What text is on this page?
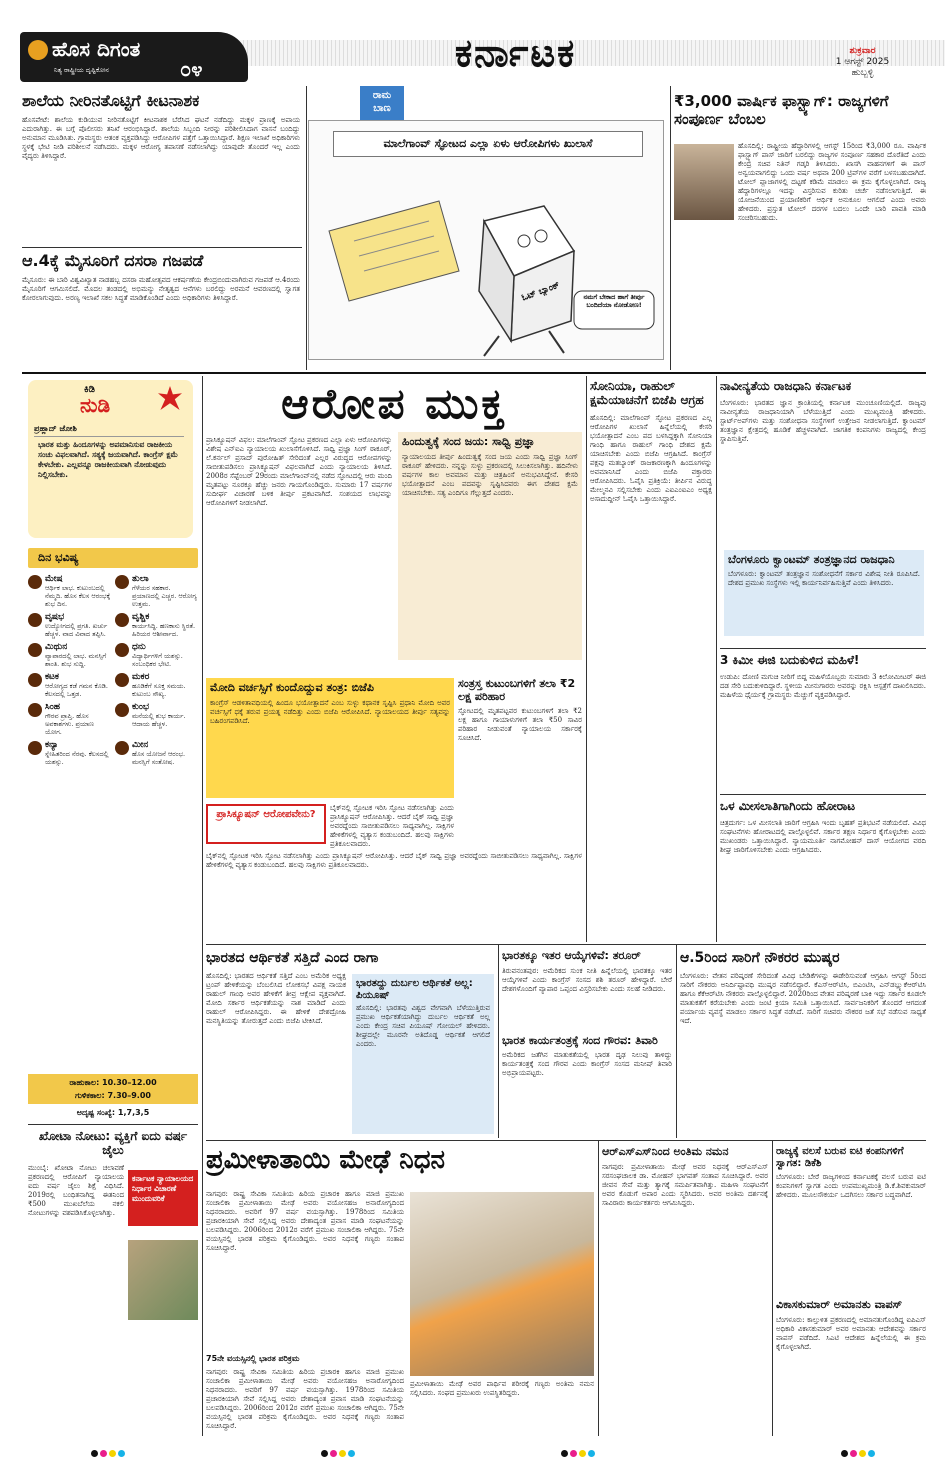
ಹೊಸ ದಿಗಂತ
ನಿತ್ಯ ರಾಷ್ಟ್ರೀಯ ದೃಷ್ಟಿಕೋನ	೦೪	ಕರ್ನಾಟಕ	ಶುಕ್ರವಾರ
1 ಆಗಸ್ಟ್ 2025
ಹುಬ್ಬಳ್ಳಿ
ಶಾಲೆಯ ನೀರಿನತೊಟ್ಟಿಗೆ ಕೀಟನಾಶಕ
ಹೊಸಪೇಟೆ: ಶಾಲೆಯ ಕುಡಿಯುವ ನೀರಿನತೊಟ್ಟಿಗೆ ಕೀಟನಾಶಕ ಬೆರೆಸಿದ ಘಟನೆ ನಡೆದಿದ್ದು ಮಕ್ಕಳ ಪ್ರಾಣಕ್ಕೆ ಅಪಾಯ ಎದುರಾಗಿತ್ತು. ಈ ಬಗ್ಗೆ ಪೊಲೀಸರು ತನಿಖೆ ಆರಂಭಿಸಿದ್ದಾರೆ. ಶಾಲೆಯ ಸಿಬ್ಬಂದಿ ನೀರನ್ನು ಪರಿಶೀಲಿಸಿದಾಗ ವಾಸನೆ ಬಂದಿದ್ದು ಅನುಮಾನ ಮೂಡಿಸಿತು. ಗ್ರಾಮಸ್ಥರು ಆತಂಕ ವ್ಯಕ್ತಪಡಿಸಿದ್ದು ಆರೋಪಿಗಳ ಪತ್ತೆಗೆ ಒತ್ತಾಯಿಸಿದ್ದಾರೆ. ಶಿಕ್ಷಣ ಇಲಾಖೆ ಅಧಿಕಾರಿಗಳು ಸ್ಥಳಕ್ಕೆ ಭೇಟಿ ನೀಡಿ ಪರಿಶೀಲನೆ ನಡೆಸಿದರು. ಮಕ್ಕಳ ಆರೋಗ್ಯ ತಪಾಸಣೆ ನಡೆಸಲಾಗಿದ್ದು ಯಾವುದೇ ತೊಂದರೆ ಇಲ್ಲ ಎಂದು ವೈದ್ಯರು ತಿಳಿಸಿದ್ದಾರೆ.
ಆ.4ಕ್ಕೆ ಮೈಸೂರಿಗೆ ದಸರಾ ಗಜಪಡೆ
ಮೈಸೂರು: ಈ ಬಾರಿ ವಿಶ್ವವಿಖ್ಯಾತ ನಾಡಹಬ್ಬ ದಸರಾ ಮಹೋತ್ಸವದ ಆಕರ್ಷಣೆಯ ಕೇಂದ್ರಬಿಂದುವಾಗಿರುವ ಗಜಪಡೆ ಆ.4ರಂದು ಮೈಸೂರಿಗೆ ಆಗಮಿಸಲಿದೆ. ಮೊದಲ ತಂಡದಲ್ಲಿ ಅಭಿಮನ್ಯು ನೇತೃತ್ವದ ಆನೆಗಳು ಬರಲಿದ್ದು ಅರಮನೆ ಆವರಣದಲ್ಲಿ ಸ್ವಾಗತ ಕೋರಲಾಗುವುದು. ಅರಣ್ಯ ಇಲಾಖೆ ಸಕಲ ಸಿದ್ಧತೆ ಮಾಡಿಕೊಂಡಿದೆ ಎಂದು ಅಧಿಕಾರಿಗಳು ತಿಳಿಸಿದ್ದಾರೆ.
ರಾಮ
ಬಾಣ
ಮಾಲೆಗಾಂವ್ ಸ್ಫೋಟದ ಎಲ್ಲಾ ಏಳು ಆರೋಪಿಗಳು ಖುಲಾಸೆ
ಓಟ್ ಬ್ಯಾಂಕ್	ನಮಗೆ ಬೇಕಾದ ಹಾಗೆ ತೀರ್ಪು ಬಂದಿದೆಯಾ ನೋಡೋಣ!
₹3,000 ವಾರ್ಷಿಕ ಫಾಸ್ಟ್ಯಾಗ್: ರಾಜ್ಯಗಳಿಗೆ ಸಂಪೂರ್ಣ ಬೆಂಬಲ
ಹೊಸದಿಲ್ಲಿ: ರಾಷ್ಟ್ರೀಯ ಹೆದ್ದಾರಿಗಳಲ್ಲಿ ಆಗಸ್ಟ್ 15ರಿಂದ ₹3,000 ರೂ. ವಾರ್ಷಿಕ ಫಾಸ್ಟ್ಯಾಗ್ ಪಾಸ್ ಜಾರಿಗೆ ಬರಲಿದ್ದು ರಾಜ್ಯಗಳ ಸಂಪೂರ್ಣ ಸಹಕಾರ ದೊರೆತಿದೆ ಎಂದು ಕೇಂದ್ರ ಸಚಿವ ನಿತಿನ್ ಗಡ್ಕರಿ ತಿಳಿಸಿದರು. ಖಾಸಗಿ ವಾಹನಗಳಿಗೆ ಈ ಪಾಸ್ ಅನ್ವಯವಾಗಲಿದ್ದು ಒಂದು ವರ್ಷ ಅಥವಾ 200 ಟ್ರಿಪ್‌ಗಳ ವರೆಗೆ ಬಳಸಬಹುದಾಗಿದೆ. ಟೋಲ್ ಪ್ಲಾಜಾಗಳಲ್ಲಿ ದಟ್ಟಣೆ ಕಡಿಮೆ ಮಾಡಲು ಈ ಕ್ರಮ ಕೈಗೊಳ್ಳಲಾಗಿದೆ. ರಾಜ್ಯ ಹೆದ್ದಾರಿಗಳಲ್ಲೂ ಇದನ್ನು ವಿಸ್ತರಿಸುವ ಕುರಿತು ಚರ್ಚೆ ನಡೆಸಲಾಗುತ್ತಿದೆ. ಈ ಯೋಜನೆಯಿಂದ ಪ್ರಯಾಣಿಕರಿಗೆ ಆರ್ಥಿಕ ಅನುಕೂಲ ಆಗಲಿದೆ ಎಂದು ಅವರು ಹೇಳಿದರು. ಪ್ರಸ್ತುತ ಟೋಲ್ ದರಗಳ ಬದಲು ಒಂದೇ ಬಾರಿ ಪಾವತಿ ಮಾಡಿ ಸಂಚರಿಸಬಹುದು.
ಕಿಡಿ
ನುಡಿ
ಪ್ರಹ್ಲಾದ್ ಜೋಶಿ
ಭಾರತ ಮತ್ತು ಹಿಂದೂಗಳನ್ನು ಅಪಮಾನಿಸುವ ರಾಜಕೀಯ ಸಂಚು ವಿಫಲವಾಗಿದೆ. ಸತ್ಯಕ್ಕೆ ಜಯವಾಗಿದೆ. ಕಾಂಗ್ರೆಸ್ ಕ್ಷಮೆ ಕೇಳಬೇಕು. ಎಲ್ಲವನ್ನೂ ರಾಜಕೀಯವಾಗಿ ನೋಡುವುದು ನಿಲ್ಲಿಸಬೇಕು.
ದಿನ ಭವಿಷ್ಯ
ಮೇಷ
ಆರ್ಥಿಕ ಲಾಭ. ಕುಟುಂಬದಲ್ಲಿ ನೆಮ್ಮದಿ. ಹೊಸ ಕೆಲಸ ಆರಂಭಕ್ಕೆ ಶುಭ ದಿನ.
ತುಲಾ
ಗೆಳೆಯರ ಸಹಕಾರ. ಪ್ರಯಾಣದಲ್ಲಿ ಎಚ್ಚರ. ಆರೋಗ್ಯ ಉತ್ತಮ.
ವೃಷಭ
ಉದ್ಯೋಗದಲ್ಲಿ ಪ್ರಗತಿ. ಖರ್ಚು ಹೆಚ್ಚಳ. ವಾದ ವಿವಾದ ತಪ್ಪಿಸಿ.
ವೃಶ್ಚಿಕ
ಕಾರ್ಯಸಿದ್ಧಿ. ಹಣಕಾಸು ಸ್ಥಿರತೆ. ಹಿರಿಯರ ಆಶೀರ್ವಾದ.
ಮಿಥುನ
ವ್ಯಾಪಾರದಲ್ಲಿ ಲಾಭ. ಮನಸ್ಸಿಗೆ ಶಾಂತಿ. ಶುಭ ಸುದ್ದಿ.
ಧನು
ವಿದ್ಯಾರ್ಥಿಗಳಿಗೆ ಯಶಸ್ಸು. ಸಂಬಂಧಿಕರ ಭೇಟಿ.
ಕಟಕ
ಆರೋಗ್ಯದ ಕಡೆ ಗಮನ ಕೊಡಿ. ಕೆಲಸದಲ್ಲಿ ಒತ್ತಡ.
ಮಕರ
ಹೂಡಿಕೆಗೆ ಸೂಕ್ತ ಸಮಯ. ಕುಟುಂಬ ಸೌಖ್ಯ.
ಸಿಂಹ
ಗೌರವ ಪ್ರಾಪ್ತಿ. ಹೊಸ ಅವಕಾಶಗಳು. ಪ್ರಯಾಣ ಯೋಗ.
ಕುಂಭ
ಮನೆಯಲ್ಲಿ ಶುಭ ಕಾರ್ಯ. ಆದಾಯ ಹೆಚ್ಚಳ.
ಕನ್ಯಾ
ಸ್ನೇಹಿತರಿಂದ ನೆರವು. ಕೆಲಸದಲ್ಲಿ ಯಶಸ್ಸು.
ಮೀನ
ಹೊಸ ಯೋಜನೆ ಆರಂಭ. ಮನಸ್ಸಿಗೆ ಸಂತೋಷ.
ರಾಹುಕಾಲ: 10.30–12.00
ಗುಳಿಕಕಾಲ: 7.30–9.00
ಅದೃಷ್ಟ ಸಂಖ್ಯೆ: 1,7,3,5
ಖೋಟಾ ನೋಟು: ವ್ಯಕ್ತಿಗೆ ಐದು ವರ್ಷ ಜೈಲು
ಮುಂಬೈ: ಖೋಟಾ ನೋಟು ಚಲಾವಣೆ ಪ್ರಕರಣದಲ್ಲಿ ಆರೋಪಿಗೆ ನ್ಯಾಯಾಲಯ ಐದು ವರ್ಷ ಜೈಲು ಶಿಕ್ಷೆ ವಿಧಿಸಿದೆ. 2019ರಲ್ಲಿ ಬಂಧಿತನಾಗಿದ್ದ ಈತನಿಂದ ₹500 ಮುಖಬೆಲೆಯ ನಕಲಿ ನೋಟುಗಳನ್ನು ವಶಪಡಿಸಿಕೊಳ್ಳಲಾಗಿತ್ತು.
ಕರ್ನಾಟಕ ನ್ಯಾಯಾಲಯದ ನಿರ್ಧಾರ ವಿಚಾರಣೆ ಮುಂದುವರಿಕೆ
ಆರೋಪ ಮುಕ್ತ
ಪ್ರಾಸಿಕ್ಯೂಷನ್ ವಿಫಲ: ಮಾಲೆಗಾಂವ್ ಸ್ಫೋಟ ಪ್ರಕರಣದ ಎಲ್ಲಾ ಏಳು ಆರೋಪಿಗಳನ್ನು ವಿಶೇಷ ಎನ್‌ಐಎ ನ್ಯಾಯಾಲಯ ಖುಲಾಸೆಗೊಳಿಸಿದೆ. ಸಾಧ್ವಿ ಪ್ರಜ್ಞಾ ಸಿಂಗ್ ಠಾಕೂರ್, ಲೆ.ಕರ್ನಲ್ ಪ್ರಸಾದ್ ಪುರೋಹಿತ್ ಸೇರಿದಂತೆ ಎಲ್ಲರ ವಿರುದ್ಧದ ಆರೋಪಗಳನ್ನು ಸಾಬೀತುಪಡಿಸಲು ಪ್ರಾಸಿಕ್ಯೂಷನ್ ವಿಫಲವಾಗಿದೆ ಎಂದು ನ್ಯಾಯಾಲಯ ತಿಳಿಸಿದೆ. 2008ರ ಸೆಪ್ಟೆಂಬರ್ 29ರಂದು ಮಾಲೆಗಾಂವ್‌ನಲ್ಲಿ ನಡೆದ ಸ್ಫೋಟದಲ್ಲಿ ಆರು ಮಂದಿ ಮೃತಪಟ್ಟು ನೂರಕ್ಕೂ ಹೆಚ್ಚು ಜನರು ಗಾಯಗೊಂಡಿದ್ದರು. ಸುಮಾರು 17 ವರ್ಷಗಳ ಸುದೀರ್ಘ ವಿಚಾರಣೆ ಬಳಿಕ ತೀರ್ಪು ಪ್ರಕಟವಾಗಿದೆ. ಸಂಶಯದ ಲಾಭವನ್ನು ಆರೋಪಿಗಳಿಗೆ ನೀಡಲಾಗಿದೆ.
ಹಿಂದುತ್ವಕ್ಕೆ ಸಂದ ಜಯ: ಸಾಧ್ವಿ ಪ್ರಜ್ಞಾ
ನ್ಯಾಯಾಲಯದ ತೀರ್ಪು ಹಿಂದುತ್ವಕ್ಕೆ ಸಂದ ಜಯ ಎಂದು ಸಾಧ್ವಿ ಪ್ರಜ್ಞಾ ಸಿಂಗ್ ಠಾಕೂರ್ ಹೇಳಿದರು. ನನ್ನನ್ನು ಸುಳ್ಳು ಪ್ರಕರಣದಲ್ಲಿ ಸಿಲುಕಿಸಲಾಗಿತ್ತು. ಹದಿನೇಳು ವರ್ಷಗಳ ಕಾಲ ಅವಮಾನ ಮತ್ತು ಚಿತ್ರಹಿಂಸೆ ಅನುಭವಿಸಿದ್ದೇನೆ. ಕೇಸರಿ ಭಯೋತ್ಪಾದನೆ ಎಂಬ ಪದವನ್ನು ಸೃಷ್ಟಿಸಿದವರು ಈಗ ದೇಶದ ಕ್ಷಮೆ ಯಾಚಿಸಬೇಕು. ಸತ್ಯ ಎಂದಿಗೂ ಗೆಲ್ಲುತ್ತದೆ ಎಂದರು.
ಮೋದಿ ವರ್ಚಸ್ಸಿಗೆ ಕುಂದೊದ್ದುವ ತಂತ್ರ: ಬಿಜೆಪಿ
ಕಾಂಗ್ರೆಸ್ ಆಡಳಿತಾವಧಿಯಲ್ಲಿ ಹಿಂದೂ ಭಯೋತ್ಪಾದನೆ ಎಂಬ ಸುಳ್ಳು ಕಥಾನಕ ಸೃಷ್ಟಿಸಿ ಪ್ರಧಾನಿ ಮೋದಿ ಅವರ ವರ್ಚಸ್ಸಿಗೆ ಧಕ್ಕೆ ತರುವ ಪ್ರಯತ್ನ ನಡೆದಿತ್ತು ಎಂದು ಬಿಜೆಪಿ ಆರೋಪಿಸಿದೆ. ನ್ಯಾಯಾಲಯದ ತೀರ್ಪು ಸತ್ಯವನ್ನು ಬಹಿರಂಗಪಡಿಸಿದೆ.
ಸಂತ್ರಸ್ತ ಕುಟುಂಬಗಳಿಗೆ ತಲಾ ₹2 ಲಕ್ಷ ಪರಿಹಾರ
ಸ್ಫೋಟದಲ್ಲಿ ಮೃತಪಟ್ಟವರ ಕುಟುಂಬಗಳಿಗೆ ತಲಾ ₹2 ಲಕ್ಷ ಹಾಗೂ ಗಾಯಾಳುಗಳಿಗೆ ತಲಾ ₹50 ಸಾವಿರ ಪರಿಹಾರ ನೀಡುವಂತೆ ನ್ಯಾಯಾಲಯ ಸರ್ಕಾರಕ್ಕೆ ಸೂಚಿಸಿದೆ.
ಪ್ರಾಸಿಕ್ಯೂಷನ್ ಆರೋಪವೇನು?
ಬೈಕ್‌ನಲ್ಲಿ ಸ್ಫೋಟಕ ಇರಿಸಿ ಸ್ಫೋಟ ನಡೆಸಲಾಗಿತ್ತು ಎಂದು ಪ್ರಾಸಿಕ್ಯೂಷನ್ ಆರೋಪಿಸಿತ್ತು. ಆದರೆ ಬೈಕ್ ಸಾಧ್ವಿ ಪ್ರಜ್ಞಾ ಅವರದ್ದೆಂದು ಸಾಬೀತುಪಡಿಸಲು ಸಾಧ್ಯವಾಗಿಲ್ಲ. ಸಾಕ್ಷಿಗಳ ಹೇಳಿಕೆಗಳಲ್ಲಿ ವ್ಯತ್ಯಾಸ ಕಂಡುಬಂದಿದೆ. ಹಲವು ಸಾಕ್ಷಿಗಳು ಪ್ರತಿಕೂಲವಾದರು.
ಬೈಕ್‌ನಲ್ಲಿ ಸ್ಫೋಟಕ ಇರಿಸಿ ಸ್ಫೋಟ ನಡೆಸಲಾಗಿತ್ತು ಎಂದು ಪ್ರಾಸಿಕ್ಯೂಷನ್ ಆರೋಪಿಸಿತ್ತು. ಆದರೆ ಬೈಕ್ ಸಾಧ್ವಿ ಪ್ರಜ್ಞಾ ಅವರದ್ದೆಂದು ಸಾಬೀತುಪಡಿಸಲು ಸಾಧ್ಯವಾಗಿಲ್ಲ. ಸಾಕ್ಷಿಗಳ ಹೇಳಿಕೆಗಳಲ್ಲಿ ವ್ಯತ್ಯಾಸ ಕಂಡುಬಂದಿದೆ. ಹಲವು ಸಾಕ್ಷಿಗಳು ಪ್ರತಿಕೂಲವಾದರು.
ಸೋನಿಯಾ, ರಾಹುಲ್ ಕ್ಷಮೆಯಾಚನೆಗೆ ಬಿಜೆಪಿ ಆಗ್ರಹ
ಹೊಸದಿಲ್ಲಿ: ಮಾಲೆಗಾಂವ್ ಸ್ಫೋಟ ಪ್ರಕರಣದ ಎಲ್ಲ ಆರೋಪಿಗಳ ಖುಲಾಸೆ ಹಿನ್ನೆಲೆಯಲ್ಲಿ ಕೇಸರಿ ಭಯೋತ್ಪಾದನೆ ಎಂಬ ಪದ ಬಳಸಿದ್ದಕ್ಕಾಗಿ ಸೋನಿಯಾ ಗಾಂಧಿ ಹಾಗೂ ರಾಹುಲ್ ಗಾಂಧಿ ದೇಶದ ಕ್ಷಮೆ ಯಾಚಿಸಬೇಕು ಎಂದು ಬಿಜೆಪಿ ಆಗ್ರಹಿಸಿದೆ. ಕಾಂಗ್ರೆಸ್ ಪಕ್ಷವು ಮತಬ್ಯಾಂಕ್ ರಾಜಕಾರಣಕ್ಕಾಗಿ ಹಿಂದೂಗಳನ್ನು ಅವಮಾನಿಸಿದೆ ಎಂದು ಬಿಜೆಪಿ ವಕ್ತಾರರು ಆರೋಪಿಸಿದರು. ಓವೈಸಿ ಪ್ರತಿಕ್ರಿಯೆ: ತೀರ್ಪಿನ ವಿರುದ್ಧ ಮೇಲ್ಮನವಿ ಸಲ್ಲಿಸಬೇಕು ಎಂದು ಎಐಎಂಐಎಂ ಅಧ್ಯಕ್ಷ ಅಸಾದುದ್ದೀನ್ ಓವೈಸಿ ಒತ್ತಾಯಿಸಿದ್ದಾರೆ.
ನಾವೀನ್ಯತೆಯ ರಾಜಧಾನಿ ಕರ್ನಾಟಕ
ಬೆಂಗಳೂರು: ಭಾರತದ ಜ್ಞಾನ ಕ್ರಾಂತಿಯಲ್ಲಿ ಕರ್ನಾಟಕ ಮುಂಚೂಣಿಯಲ್ಲಿದೆ. ರಾಜ್ಯವು ನಾವೀನ್ಯತೆಯ ರಾಜಧಾನಿಯಾಗಿ ಬೆಳೆಯುತ್ತಿದೆ ಎಂದು ಮುಖ್ಯಮಂತ್ರಿ ಹೇಳಿದರು. ಸ್ಟಾರ್ಟ್‌ಅಪ್‌ಗಳು ಮತ್ತು ಸಂಶೋಧನಾ ಸಂಸ್ಥೆಗಳಿಗೆ ಉತ್ತೇಜನ ನೀಡಲಾಗುತ್ತಿದೆ. ಕ್ವಾಂಟಮ್ ತಂತ್ರಜ್ಞಾನ ಕ್ಷೇತ್ರದಲ್ಲಿ ಹೂಡಿಕೆ ಹೆಚ್ಚಳವಾಗಿದೆ. ಜಾಗತಿಕ ಕಂಪನಿಗಳು ರಾಜ್ಯದಲ್ಲಿ ಕೇಂದ್ರ ಸ್ಥಾಪಿಸುತ್ತಿವೆ.
ಬೆಂಗಳೂರು ಕ್ವಾಂಟಮ್ ತಂತ್ರಜ್ಞಾನದ ರಾಜಧಾನಿ
ಬೆಂಗಳೂರು: ಕ್ವಾಂಟಮ್ ತಂತ್ರಜ್ಞಾನ ಸಂಶೋಧನೆಗೆ ಸರ್ಕಾರ ವಿಶೇಷ ನೀತಿ ರೂಪಿಸಿದೆ. ದೇಶದ ಪ್ರಮುಖ ಸಂಸ್ಥೆಗಳು ಇಲ್ಲಿ ಕಾರ್ಯನಿರ್ವಹಿಸುತ್ತಿವೆ ಎಂದು ತಿಳಿಸಿದರು.
3 ಕಿಮೀ ಈಜಿ ಬದುಕುಳಿದ ಮಹಿಳೆ!
ಉಡುಪಿ: ದೋಣಿ ಮಗುಚಿ ನೀರಿಗೆ ಬಿದ್ದ ಮಹಿಳೆಯೊಬ್ಬರು ಸುಮಾರು 3 ಕಿಲೋಮೀಟರ್ ಈಜಿ ದಡ ಸೇರಿ ಬದುಕುಳಿದಿದ್ದಾರೆ. ಸ್ಥಳೀಯ ಮೀನುಗಾರರು ಅವರನ್ನು ರಕ್ಷಿಸಿ ಆಸ್ಪತ್ರೆಗೆ ದಾಖಲಿಸಿದರು. ಮಹಿಳೆಯ ಧೈರ್ಯಕ್ಕೆ ಗ್ರಾಮಸ್ಥರು ಮೆಚ್ಚುಗೆ ವ್ಯಕ್ತಪಡಿಸಿದ್ದಾರೆ.
ಒಳ ಮೀಸಲಾತಿಗಾಗಿಂದು ಹೋರಾಟ
ಚಿತ್ರದುರ್ಗ: ಒಳ ಮೀಸಲಾತಿ ಜಾರಿಗೆ ಆಗ್ರಹಿಸಿ ಇಂದು ಬೃಹತ್ ಪ್ರತಿಭಟನೆ ನಡೆಯಲಿದೆ. ವಿವಿಧ ಸಂಘಟನೆಗಳು ಹೋರಾಟದಲ್ಲಿ ಪಾಲ್ಗೊಳ್ಳಲಿವೆ. ಸರ್ಕಾರ ತಕ್ಷಣ ನಿರ್ಧಾರ ಕೈಗೊಳ್ಳಬೇಕು ಎಂದು ಮುಖಂಡರು ಒತ್ತಾಯಿಸಿದ್ದಾರೆ. ನ್ಯಾಯಮೂರ್ತಿ ನಾಗಮೋಹನ್ ದಾಸ್ ಆಯೋಗದ ವರದಿ ಶೀಘ್ರ ಜಾರಿಗೊಳಿಸಬೇಕು ಎಂದು ಆಗ್ರಹಿಸಿದರು.
ಭಾರತದ ಆರ್ಥಿಕತೆ ಸತ್ತಿದೆ ಎಂದ ರಾಗಾ
ಹೊಸದಿಲ್ಲಿ: ಭಾರತದ ಆರ್ಥಿಕತೆ ಸತ್ತಿದೆ ಎಂಬ ಅಮೆರಿಕ ಅಧ್ಯಕ್ಷ ಟ್ರಂಪ್ ಹೇಳಿಕೆಯನ್ನು ಬೆಂಬಲಿಸಿದ ಲೋಕಸಭೆ ವಿಪಕ್ಷ ನಾಯಕ ರಾಹುಲ್ ಗಾಂಧಿ ಅವರ ಹೇಳಿಕೆಗೆ ತೀವ್ರ ಆಕ್ಷೇಪ ವ್ಯಕ್ತವಾಗಿದೆ. ಮೋದಿ ಸರ್ಕಾರ ಆರ್ಥಿಕತೆಯನ್ನು ನಾಶ ಮಾಡಿದೆ ಎಂದು ರಾಹುಲ್ ಆರೋಪಿಸಿದ್ದರು. ಈ ಹೇಳಿಕೆ ದೇಶದ್ರೋಹಿ ಮನಸ್ಥಿತಿಯನ್ನು ತೋರುತ್ತದೆ ಎಂದು ಬಿಜೆಪಿ ಟೀಕಿಸಿದೆ.
ಭಾರತದ್ದು ದುರ್ಬಲ ಆರ್ಥಿಕತೆ ಅಲ್ಲ: ಪಿಯೂಷ್
ಹೊಸದಿಲ್ಲಿ: ಭಾರತವು ವಿಶ್ವದ ವೇಗವಾಗಿ ಬೆಳೆಯುತ್ತಿರುವ ಪ್ರಮುಖ ಆರ್ಥಿಕತೆಯಾಗಿದ್ದು ದುರ್ಬಲ ಆರ್ಥಿಕತೆ ಅಲ್ಲ ಎಂದು ಕೇಂದ್ರ ಸಚಿವ ಪಿಯೂಷ್ ಗೋಯಲ್ ಹೇಳಿದರು. ಶೀಘ್ರದಲ್ಲೇ ಮೂರನೇ ಅತಿದೊಡ್ಡ ಆರ್ಥಿಕತೆ ಆಗಲಿದೆ ಎಂದರು.
ಭಾರತಕ್ಕೂ ಇತರ ಆಯ್ಕೆಗಳಿವೆ: ತರೂರ್
ತಿರುವನಂತಪುರ: ಅಮೆರಿಕದ ಸುಂಕ ನೀತಿ ಹಿನ್ನೆಲೆಯಲ್ಲಿ ಭಾರತಕ್ಕೂ ಇತರ ಆಯ್ಕೆಗಳಿವೆ ಎಂದು ಕಾಂಗ್ರೆಸ್ ಸಂಸದ ಶಶಿ ತರೂರ್ ಹೇಳಿದ್ದಾರೆ. ಬೇರೆ ದೇಶಗಳೊಂದಿಗೆ ವ್ಯಾಪಾರ ಒಪ್ಪಂದ ವಿಸ್ತರಿಸಬೇಕು ಎಂದು ಸಲಹೆ ನೀಡಿದರು.
ಭಾರತ ಕಾರ್ಯತಂತ್ರಕ್ಕೆ ಸಂದ ಗೌರವ: ತಿವಾರಿ
ಅಮೆರಿಕದ ಜತೆಗಿನ ಮಾತುಕತೆಯಲ್ಲಿ ಭಾರತ ದೃಢ ನಿಲುವು ತಾಳಿದ್ದು ಕಾರ್ಯತಂತ್ರಕ್ಕೆ ಸಂದ ಗೌರವ ಎಂದು ಕಾಂಗ್ರೆಸ್ ಸಂಸದ ಮನೀಷ್ ತಿವಾರಿ ಅಭಿಪ್ರಾಯಪಟ್ಟರು.
ಆ.5ರಿಂದ ಸಾರಿಗೆ ನೌಕರರ ಮುಷ್ಕರ
ಬೆಂಗಳೂರು: ವೇತನ ಪರಿಷ್ಕರಣೆ ಸೇರಿದಂತೆ ವಿವಿಧ ಬೇಡಿಕೆಗಳನ್ನು ಈಡೇರಿಸುವಂತೆ ಆಗ್ರಹಿಸಿ ಆಗಸ್ಟ್ 5ರಿಂದ ಸಾರಿಗೆ ನೌಕರರು ಅನಿರ್ದಿಷ್ಟಾವಧಿ ಮುಷ್ಕರ ನಡೆಸಲಿದ್ದಾರೆ. ಕೆಎಸ್‌ಆರ್‌ಟಿಸಿ, ಬಿಎಂಟಿಸಿ, ಎನ್‌ಡಬ್ಲ್ಯುಕೆಆರ್‌ಟಿಸಿ ಹಾಗೂ ಕೆಕೆಆರ್‌ಟಿಸಿ ನೌಕರರು ಪಾಲ್ಗೊಳ್ಳಲಿದ್ದಾರೆ. 2020ರಿಂದ ವೇತನ ಪರಿಷ್ಕರಣೆ ಬಾಕಿ ಇದ್ದು ಸರ್ಕಾರ ಕೂಡಲೇ ಮಾತುಕತೆಗೆ ಕರೆಯಬೇಕು ಎಂದು ಜಂಟಿ ಕ್ರಿಯಾ ಸಮಿತಿ ಒತ್ತಾಯಿಸಿದೆ. ಸಾರ್ವಜನಿಕರಿಗೆ ತೊಂದರೆ ಆಗದಂತೆ ಪರ್ಯಾಯ ವ್ಯವಸ್ಥೆ ಮಾಡಲು ಸರ್ಕಾರ ಸಿದ್ಧತೆ ನಡೆಸಿದೆ. ಸಾರಿಗೆ ಸಚಿವರು ನೌಕರರ ಜತೆ ಸಭೆ ನಡೆಸುವ ಸಾಧ್ಯತೆ ಇದೆ.
ಪ್ರಮೀಳಾತಾಯಿ ಮೇಢೆ ನಿಧನ
ನಾಗಪುರ: ರಾಷ್ಟ್ರ ಸೇವಿಕಾ ಸಮಿತಿಯ ಹಿರಿಯ ಪ್ರಚಾರಕಿ ಹಾಗೂ ಮಾಜಿ ಪ್ರಮುಖ ಸಂಚಾಲಿಕಾ ಪ್ರಮೀಳಾತಾಯಿ ಮೇಢೆ ಅವರು ವಯೋಸಹಜ ಅನಾರೋಗ್ಯದಿಂದ ನಿಧನರಾದರು. ಅವರಿಗೆ 97 ವರ್ಷ ವಯಸ್ಸಾಗಿತ್ತು. 1978ರಿಂದ ಸಮಿತಿಯ ಪ್ರಚಾರಕಿಯಾಗಿ ಸೇವೆ ಸಲ್ಲಿಸಿದ್ದ ಅವರು ದೇಶಾದ್ಯಂತ ಪ್ರವಾಸ ಮಾಡಿ ಸಂಘಟನೆಯನ್ನು ಬಲಪಡಿಸಿದ್ದರು. 2006ರಿಂದ 2012ರ ವರೆಗೆ ಪ್ರಮುಖ ಸಂಚಾಲಿಕಾ ಆಗಿದ್ದರು. 75ನೇ ವಯಸ್ಸಿನಲ್ಲಿ ಭಾರತ ಪರಿಕ್ರಮ ಕೈಗೊಂಡಿದ್ದರು. ಅವರ ನಿಧನಕ್ಕೆ ಗಣ್ಯರು ಸಂತಾಪ ಸೂಚಿಸಿದ್ದಾರೆ.
75ನೇ ವಯಸ್ಸಿನಲ್ಲಿ ಭಾರತ ಪರಿಕ್ರಮ
ನಾಗಪುರ: ರಾಷ್ಟ್ರ ಸೇವಿಕಾ ಸಮಿತಿಯ ಹಿರಿಯ ಪ್ರಚಾರಕಿ ಹಾಗೂ ಮಾಜಿ ಪ್ರಮುಖ ಸಂಚಾಲಿಕಾ ಪ್ರಮೀಳಾತಾಯಿ ಮೇಢೆ ಅವರು ವಯೋಸಹಜ ಅನಾರೋಗ್ಯದಿಂದ ನಿಧನರಾದರು. ಅವರಿಗೆ 97 ವರ್ಷ ವಯಸ್ಸಾಗಿತ್ತು. 1978ರಿಂದ ಸಮಿತಿಯ ಪ್ರಚಾರಕಿಯಾಗಿ ಸೇವೆ ಸಲ್ಲಿಸಿದ್ದ ಅವರು ದೇಶಾದ್ಯಂತ ಪ್ರವಾಸ ಮಾಡಿ ಸಂಘಟನೆಯನ್ನು ಬಲಪಡಿಸಿದ್ದರು. 2006ರಿಂದ 2012ರ ವರೆಗೆ ಪ್ರಮುಖ ಸಂಚಾಲಿಕಾ ಆಗಿದ್ದರು. 75ನೇ ವಯಸ್ಸಿನಲ್ಲಿ ಭಾರತ ಪರಿಕ್ರಮ ಕೈಗೊಂಡಿದ್ದರು. ಅವರ ನಿಧನಕ್ಕೆ ಗಣ್ಯರು ಸಂತಾಪ ಸೂಚಿಸಿದ್ದಾರೆ.
ಪ್ರಮೀಳಾತಾಯಿ ಮೇಢೆ ಅವರ ಪಾರ್ಥಿವ ಶರೀರಕ್ಕೆ ಗಣ್ಯರು ಅಂತಿಮ ನಮನ ಸಲ್ಲಿಸಿದರು. ಸಂಘದ ಪ್ರಮುಖರು ಉಪಸ್ಥಿತರಿದ್ದರು.
ಆರ್‌ಎಸ್‌ಎಸ್‌ನಿಂದ ಅಂತಿಮ ನಮನ
ನಾಗಪುರ: ಪ್ರಮೀಳಾತಾಯಿ ಮೇಢೆ ಅವರ ನಿಧನಕ್ಕೆ ಆರ್‌ಎಸ್‌ಎಸ್ ಸರಸಂಘಚಾಲಕ ಡಾ. ಮೋಹನ್ ಭಾಗವತ್ ಸಂತಾಪ ಸೂಚಿಸಿದ್ದಾರೆ. ಅವರ ಜೀವನ ಸೇವೆ ಮತ್ತು ತ್ಯಾಗಕ್ಕೆ ಸಮರ್ಪಿತವಾಗಿತ್ತು. ಮಹಿಳಾ ಸಂಘಟನೆಗೆ ಅವರ ಕೊಡುಗೆ ಅಪಾರ ಎಂದು ಸ್ಮರಿಸಿದರು. ಅವರ ಅಂತಿಮ ದರ್ಶನಕ್ಕೆ ಸಾವಿರಾರು ಕಾರ್ಯಕರ್ತರು ಆಗಮಿಸಿದ್ದರು.
ರಾಜ್ಯಕ್ಕೆ ವಲಸೆ ಬರುವ ಐಟಿ ಕಂಪನಿಗಳಿಗೆ ಸ್ವಾಗತ: ಡಿಕೆಶಿ
ಬೆಂಗಳೂರು: ಬೇರೆ ರಾಜ್ಯಗಳಿಂದ ಕರ್ನಾಟಕಕ್ಕೆ ವಲಸೆ ಬರುವ ಐಟಿ ಕಂಪನಿಗಳಿಗೆ ಸ್ವಾಗತ ಎಂದು ಉಪಮುಖ್ಯಮಂತ್ರಿ ಡಿ.ಕೆ.ಶಿವಕುಮಾರ್ ಹೇಳಿದರು. ಮೂಲಸೌಕರ್ಯ ಒದಗಿಸಲು ಸರ್ಕಾರ ಬದ್ಧವಾಗಿದೆ.
ವಿಕಾಸಕುಮಾರ್ ಅಮಾನತು ವಾಪಸ್
ಬೆಂಗಳೂರು: ಕಾಲ್ತುಳಿತ ಪ್ರಕರಣದಲ್ಲಿ ಅಮಾನತುಗೊಂಡಿದ್ದ ಐಪಿಎಸ್ ಅಧಿಕಾರಿ ವಿಕಾಸಕುಮಾರ್ ಅವರ ಅಮಾನತು ಆದೇಶವನ್ನು ಸರ್ಕಾರ ವಾಪಸ್ ಪಡೆದಿದೆ. ಸಿಎಟಿ ಆದೇಶದ ಹಿನ್ನೆಲೆಯಲ್ಲಿ ಈ ಕ್ರಮ ಕೈಗೊಳ್ಳಲಾಗಿದೆ.
